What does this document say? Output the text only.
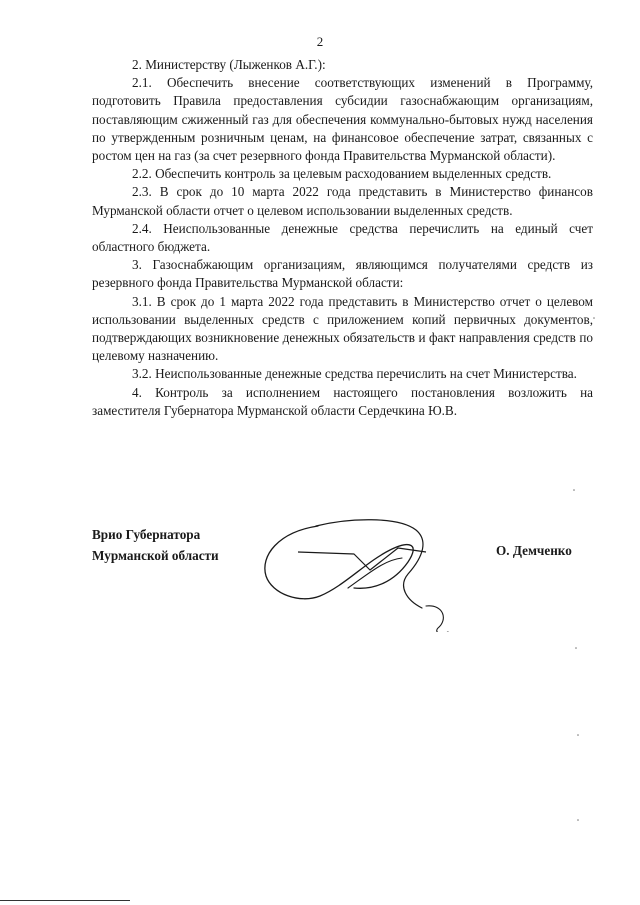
2

2. Министерству (Лыженков А.Г.):

2.1. Обеспечить внесение соответствующих изменений в Программу, подготовить Правила предоставления субсидии газоснабжающим организациям, поставляющим сжиженный газ для обеспечения коммунально-бытовых нужд населения по утвержденным розничным ценам, на финансовое обеспечение затрат, связанных с ростом цен на газ (за счет резервного фонда Правительства Мурманской области).

2.2. Обеспечить контроль за целевым расходованием выделенных средств.

2.3. В срок до 10 марта 2022 года представить в Министерство финансов Мурманской области отчет о целевом использовании выделенных средств.

2.4. Неиспользованные денежные средства перечислить на единый счет областного бюджета.

3. Газоснабжающим организациям, являющимся получателями средств из резервного фонда Правительства Мурманской области:

3.1. В срок до 1 марта 2022 года представить в Министерство отчет о целевом использовании выделенных средств с приложением копий первичных документов, подтверждающих возникновение денежных обязательств и факт направления средств по целевому назначению.

3.2. Неиспользованные денежные средства перечислить на счет Министерства.

4. Контроль за исполнением настоящего постановления возложить на заместителя Губернатора Мурманской области Сердечкина Ю.В.

Врио Губернатора
Мурманской области	О. Демченко
